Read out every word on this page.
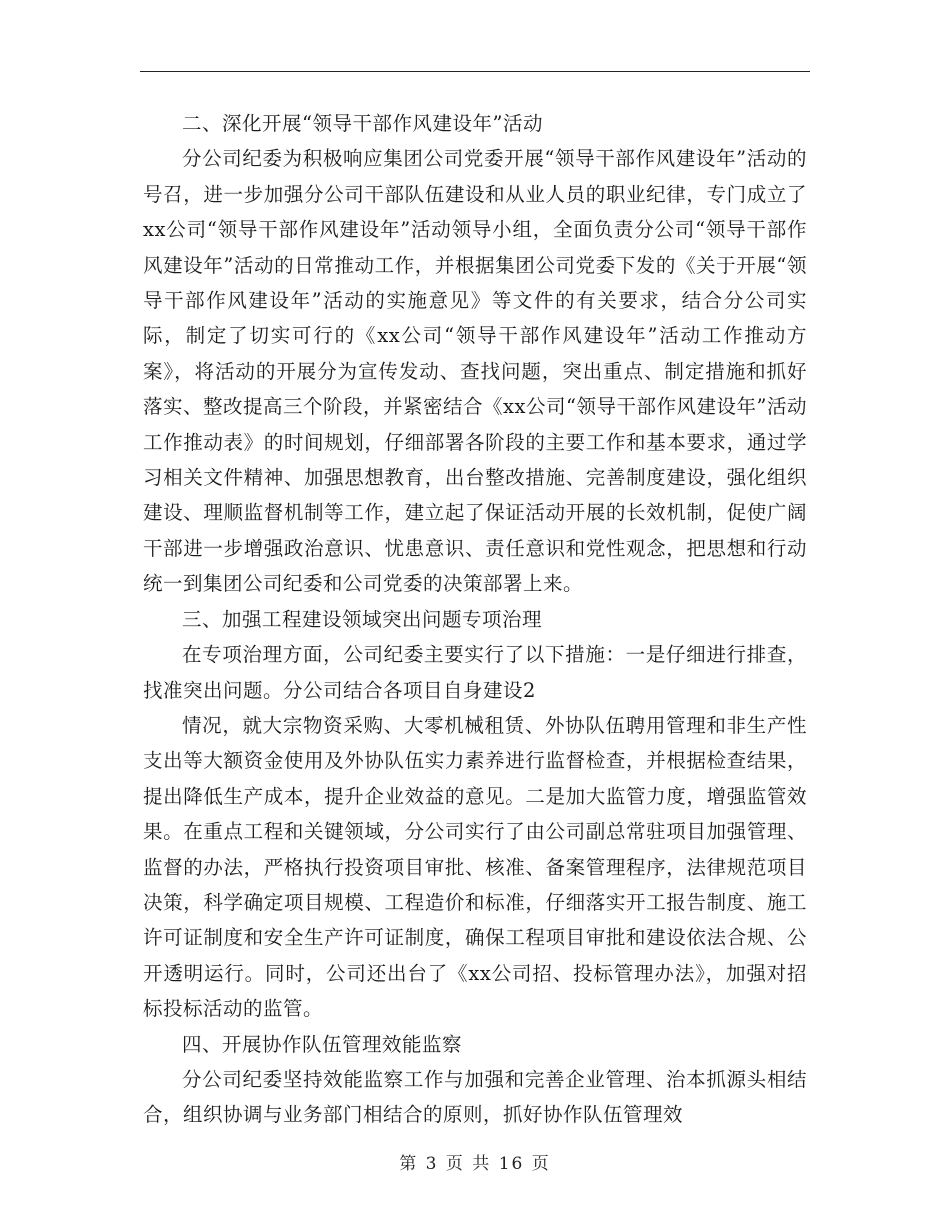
二、深化开展“领导干部作风建设年”活动

分公司纪委为积极响应集团公司党委开展“领导干部作风建设年”活动的号召，进一步加强分公司干部队伍建设和从业人员的职业纪律，专门成立了xx公司“领导干部作风建设年”活动领导小组，全面负责分公司“领导干部作风建设年”活动的日常推动工作，并根据集团公司党委下发的《关于开展“领导干部作风建设年”活动的实施意见》等文件的有关要求，结合分公司实际，制定了切实可行的《xx公司“领导干部作风建设年”活动工作推动方案》，将活动的开展分为宣传发动、查找问题，突出重点、制定措施和抓好落实、整改提高三个阶段，并紧密结合《xx公司“领导干部作风建设年”活动工作推动表》的时间规划，仔细部署各阶段的主要工作和基本要求，通过学习相关文件精神、加强思想教育，出台整改措施、完善制度建设，强化组织建设、理顺监督机制等工作，建立起了保证活动开展的长效机制，促使广阔干部进一步增强政治意识、忧患意识、责任意识和党性观念，把思想和行动统一到集团公司纪委和公司党委的决策部署上来。

三、加强工程建设领域突出问题专项治理

在专项治理方面，公司纪委主要实行了以下措施：一是仔细进行排查，找准突出问题。分公司结合各项目自身建设2

情况，就大宗物资采购、大零机械租赁、外协队伍聘用管理和非生产性支出等大额资金使用及外协队伍实力素养进行监督检查，并根据检查结果，提出降低生产成本，提升企业效益的意见。二是加大监管力度，增强监管效果。在重点工程和关键领域，分公司实行了由公司副总常驻项目加强管理、监督的办法，严格执行投资项目审批、核准、备案管理程序，法律规范项目决策，科学确定项目规模、工程造价和标准，仔细落实开工报告制度、施工许可证制度和安全生产许可证制度，确保工程项目审批和建设依法合规、公开透明运行。同时，公司还出台了《xx公司招、投标管理办法》，加强对招标投标活动的监管。

四、开展协作队伍管理效能监察

分公司纪委坚持效能监察工作与加强和完善企业管理、治本抓源头相结合，组织协调与业务部门相结合的原则，抓好协作队伍管理效

第 3 页 共 16 页
